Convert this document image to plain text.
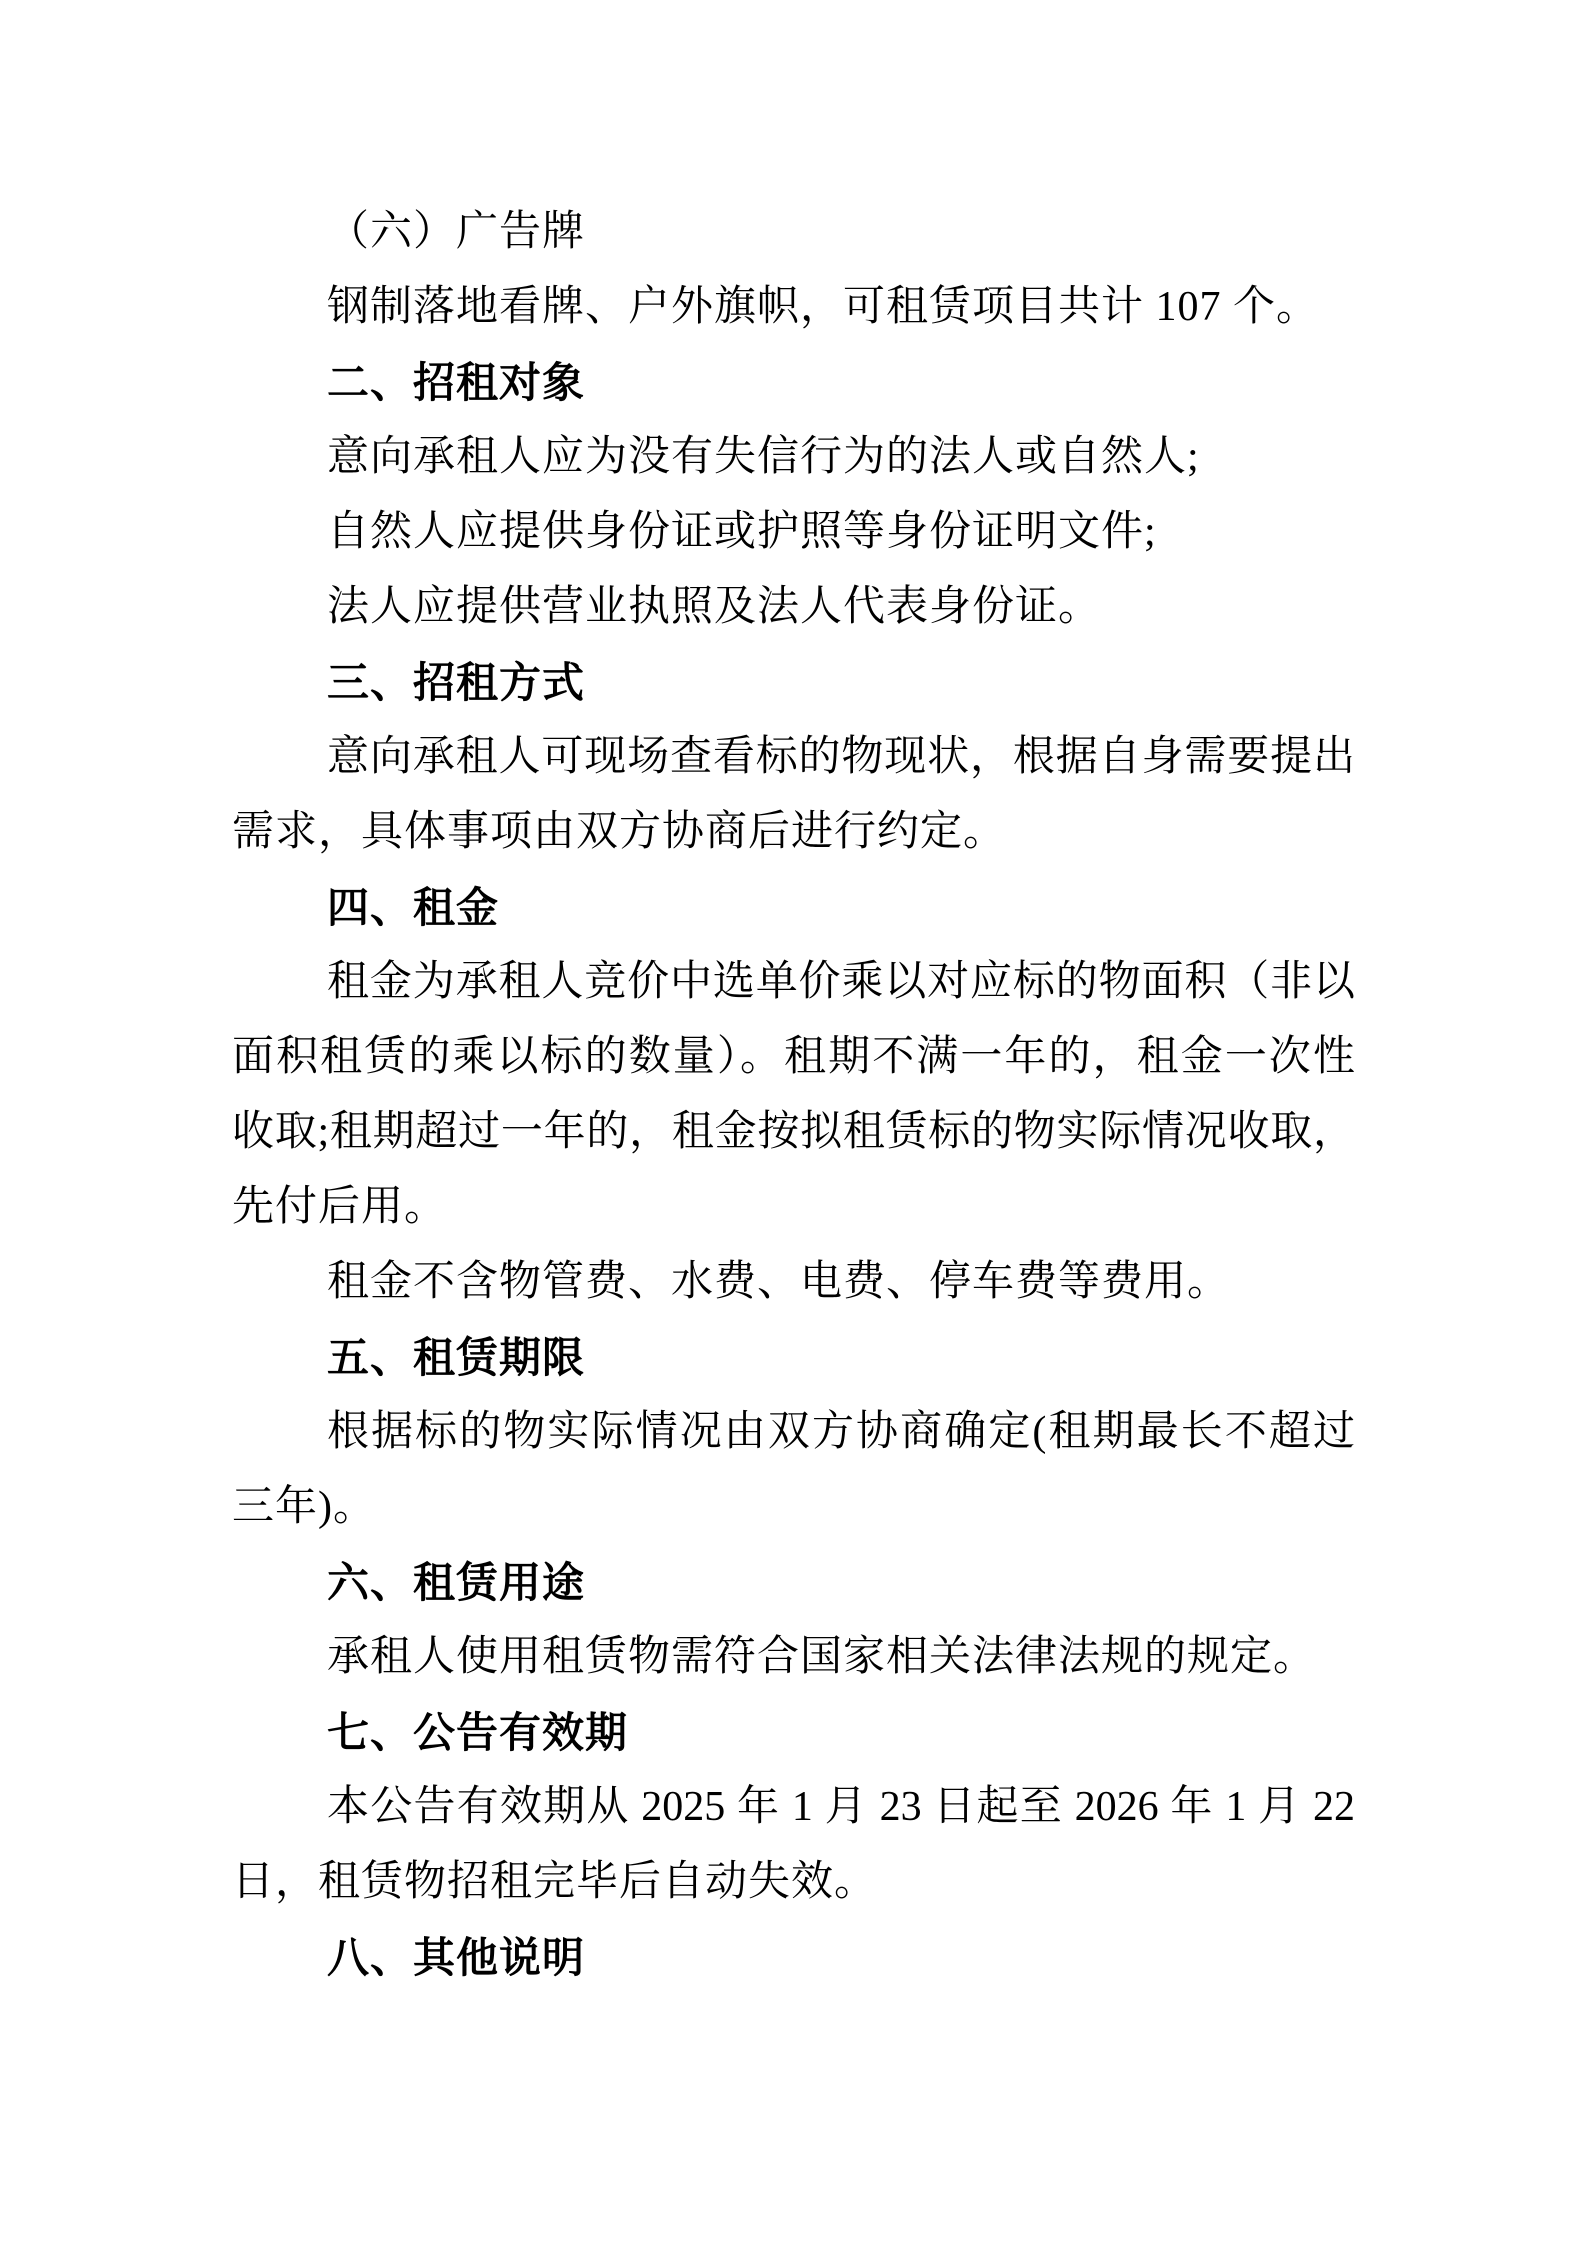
（六）广告牌
钢制落地看牌、户外旗帜，可租赁项目共计 107 个。
二、招租对象
意向承租人应为没有失信行为的法人或自然人;
自然人应提供身份证或护照等身份证明文件;
法人应提供营业执照及法人代表身份证。
三、招租方式
意向承租人可现场查看标的物现状，根据自身需要提出
需求，具体事项由双方协商后进行约定。
四、租金
租金为承租人竞价中选单价乘以对应标的物面积（非以
面积租赁的乘以标的数量）。租期不满一年的，租金一次性
收取;租期超过一年的，租金按拟租赁标的物实际情况收取，
先付后用。
租金不含物管费、水费、电费、停车费等费用。
五、租赁期限
根据标的物实际情况由双方协商确定(租期最长不超过
三年)。
六、租赁用途
承租人使用租赁物需符合国家相关法律法规的规定。
七、公告有效期
本公告有效期从 2025 年 1 月 23 日起至 2026 年 1 月 22
日，租赁物招租完毕后自动失效。
八、其他说明
